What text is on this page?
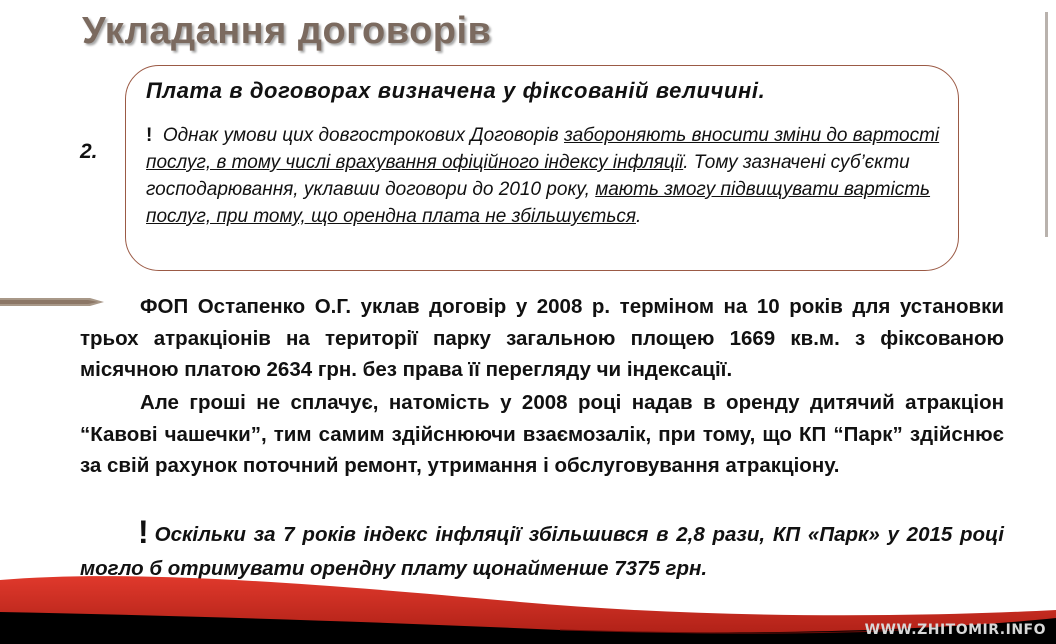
Укладання договорів
2.
Плата в договорах визначена у фіксованій величині.
! Однак умови цих довгострокових Договорів забороняють вносити зміни до вартості послуг, в тому числі врахування офіційного індексу інфляції. Тому зазначені суб’єкти господарювання, уклавши договори до 2010 року, мають змогу підвищувати вартість послуг, при тому, що орендна плата не збільшується.
ФОП Остапенко О.Г. уклав договір у 2008 р. терміном на 10 років для установки трьох атракціонів на території парку загальною площею 1669 кв.м. з фіксованою місячною платою 2634 грн. без права її перегляду чи індексації.
Але гроші не сплачує, натомість у 2008 році надав в оренду дитячий атракціон “Кавові чашечки”, тим самим здійснюючи взаємозалік, при тому, що КП “Парк” здійснює за свій рахунок поточний ремонт, утримання і обслуговування атракціону.
! Оскільки за 7 років індекс інфляції збільшився в 2,8 рази, КП «Парк» у 2015 році могло б отримувати орендну плату щонайменше 7375 грн.
WWW.ZHITOMIR.INFO
